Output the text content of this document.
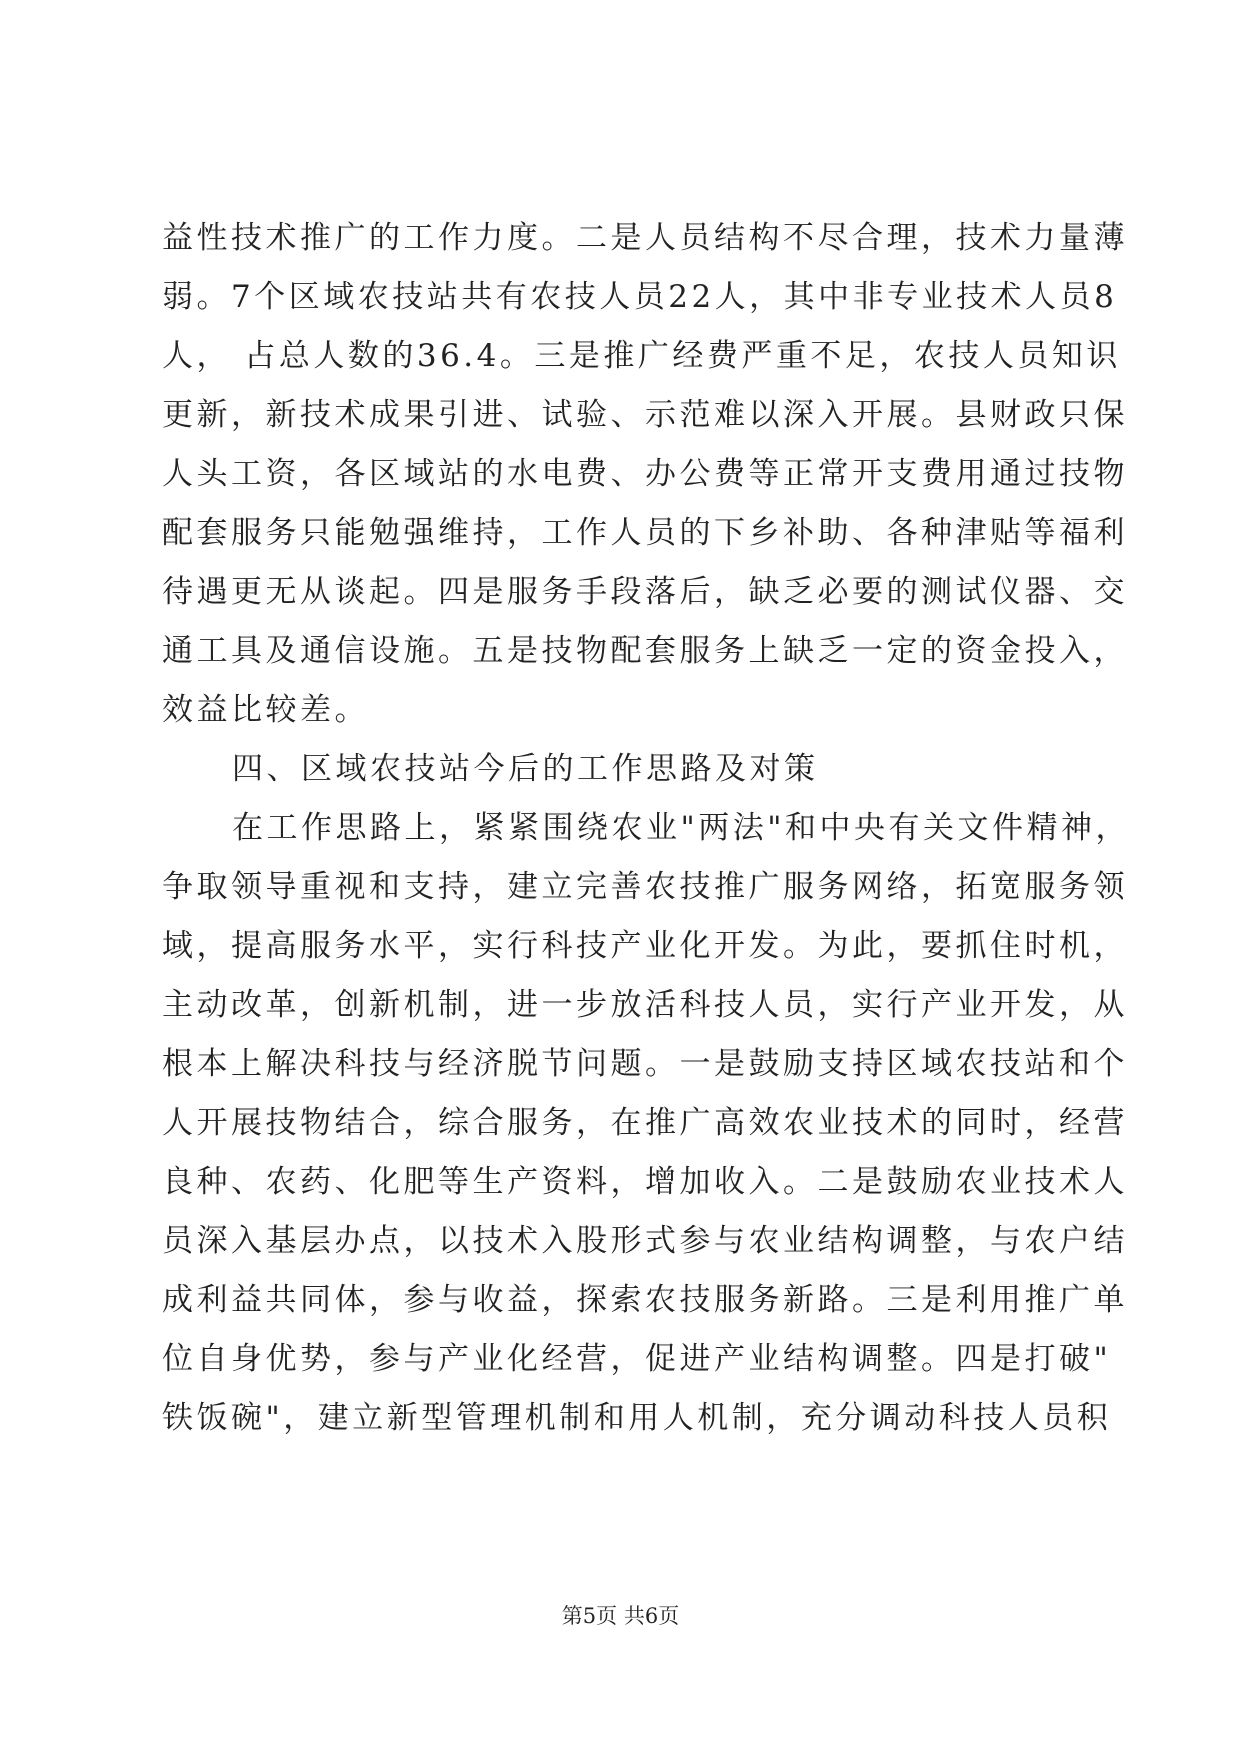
益性技术推广的工作力度。二是人员结构不尽合理，技术力量薄
弱。7个区域农技站共有农技人员22人，其中非专业技术人员8
人， 占总人数的36.4。三是推广经费严重不足，农技人员知识
更新，新技术成果引进、试验、示范难以深入开展。县财政只保
人头工资，各区域站的水电费、办公费等正常开支费用通过技物
配套服务只能勉强维持，工作人员的下乡补助、各种津贴等福利
待遇更无从谈起。四是服务手段落后，缺乏必要的测试仪器、交
通工具及通信设施。五是技物配套服务上缺乏一定的资金投入，
效益比较差。
四、区域农技站今后的工作思路及对策
在工作思路上，紧紧围绕农业"两法"和中央有关文件精神，
争取领导重视和支持，建立完善农技推广服务网络，拓宽服务领
域，提高服务水平，实行科技产业化开发。为此，要抓住时机，
主动改革，创新机制，进一步放活科技人员，实行产业开发，从
根本上解决科技与经济脱节问题。一是鼓励支持区域农技站和个
人开展技物结合，综合服务，在推广高效农业技术的同时，经营
良种、农药、化肥等生产资料，增加收入。二是鼓励农业技术人
员深入基层办点，以技术入股形式参与农业结构调整，与农户结
成利益共同体，参与收益，探索农技服务新路。三是利用推广单
位自身优势，参与产业化经营，促进产业结构调整。四是打破"
铁饭碗"，建立新型管理机制和用人机制，充分调动科技人员积
第5页 共6页
